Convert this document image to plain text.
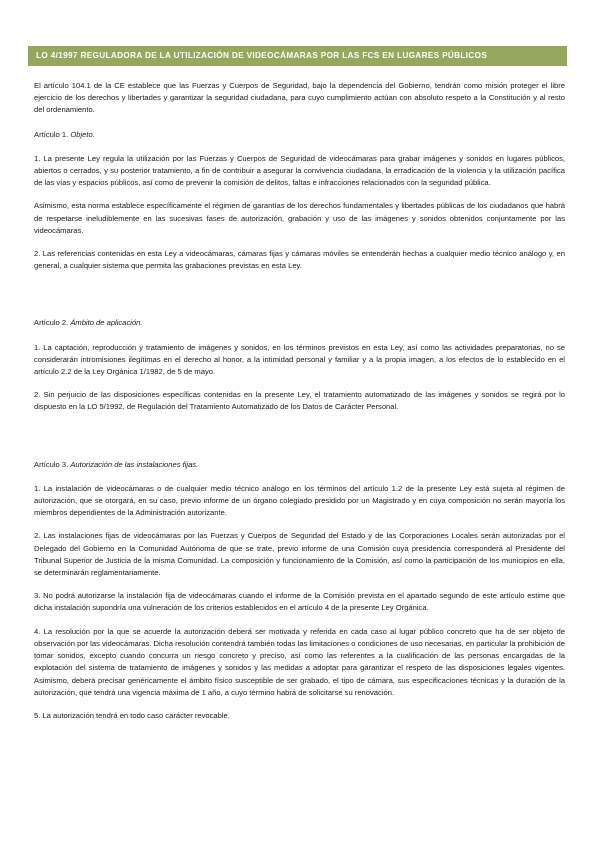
LO 4/1997 REGULADORA DE LA UTILIZACIÓN DE VIDEOCÁMARAS POR LAS FCS EN LUGARES PÚBLICOS

El artículo 104.1 de la CE establece que las Fuerzas y Cuerpos de Seguridad, bajo la dependencia del Gobierno, tendrán como misión proteger el libre ejercicio de los derechos y libertades y garantizar la seguridad ciudadana, para cuyo cumplimiento actúan con absoluto respeto a la Constitución y al resto del ordenamiento.

Artículo 1. Objeto.

1. La presente Ley regula la utilización por las Fuerzas y Cuerpos de Seguridad de videocámaras para grabar imágenes y sonidos en lugares públicos, abiertos o cerrados, y su posterior tratamiento, a fin de contribuir a asegurar la convivencia ciudadana, la erradicación de la violencia y la utilización pacífica de las vías y espacios públicos, así como de prevenir la comisión de delitos, faltas e infracciones relacionados con la seguridad pública.

Asimismo, esta norma establece específicamente el régimen de garantías de los derechos fundamentales y libertades públicas de los ciudadanos que habrá de respetarse ineludiblemente en las sucesivas fases de autorización, grabación y uso de las imágenes y sonidos obtenidos conjuntamente por las videocámaras.

2. Las referencias contenidas en esta Ley a videocámaras, cámaras fijas y cámaras móviles se entenderán hechas a cualquier medio técnico análogo y, en general, a cualquier sistema que permita las grabaciones previstas en esta Ley.

Artículo 2. Ámbito de aplicación.

1. La captación, reproducción y tratamiento de imágenes y sonidos, en los términos previstos en esta Ley, así como las actividades preparatorias, no se considerarán intromisiones ilegítimas en el derecho al honor, a la intimidad personal y familiar y a la propia imagen, a los efectos de lo establecido en el artículo 2.2 de la Ley Orgánica 1/1982, de 5 de mayo.

2. Sin perjuicio de las disposiciones específicas contenidas en la presente Ley, el tratamiento automatizado de las imágenes y sonidos se regirá por lo dispuesto en la LO 5/1992, de Regulación del Tratamiento Automatizado de los Datos de Carácter Personal.

Artículo 3. Autorización de las instalaciones fijas.

1. La instalación de videocámaras o de cualquier medio técnico análogo en los términos del artículo 1.2 de la presente Ley está sujeta al régimen de autorización, que se otorgará, en su caso, previo informe de un órgano colegiado presidido por un Magistrado y en cuya composición no serán mayoría los miembros dependientes de la Administración autorizante.

2. Las instalaciones fijas de videocámaras por las Fuerzas y Cuerpos de Seguridad del Estado y de las Corporaciones Locales serán autorizadas por el Delegado del Gobierno en la Comunidad Autónoma de que se trate, previo informe de una Comisión cuya presidencia corresponderá al Presidente del Tribunal Superior de Justicia de la misma Comunidad. La composición y funcionamiento de la Comisión, así como la participación de los municipios en ella, se determinarán reglamentariamente.

3. No podrá autorizarse la instalación fija de videocámaras cuando el informe de la Comisión prevista en el apartado segundo de este artículo estime que dicha instalación supondría una vulneración de los criterios establecidos en el artículo 4 de la presente Ley Orgánica.

4. La resolución por la que se acuerde la autorización deberá ser motivada y referida en cada caso al lugar público concreto que ha de ser objeto de observación por las videocámaras. Dicha resolución contendrá también todas las limitaciones o condiciones de uso necesarias, en particular la prohibición de tomar sonidos, excepto cuando concurra un riesgo concreto y preciso, así como las referentes a la cualificación de las personas encargadas de la explotación del sistema de tratamiento de imágenes y sonidos y las medidas a adoptar para garantizar el respeto de las disposiciones legales vigentes. Asimismo, deberá precisar genéricamente el ámbito físico susceptible de ser grabado, el tipo de cámara, sus especificaciones técnicas y la duración de la autorización, que tendrá una vigencia máxima de 1 año, a cuyo término habrá de solicitarse su renovación.

5. La autorización tendrá en todo caso carácter revocable.
